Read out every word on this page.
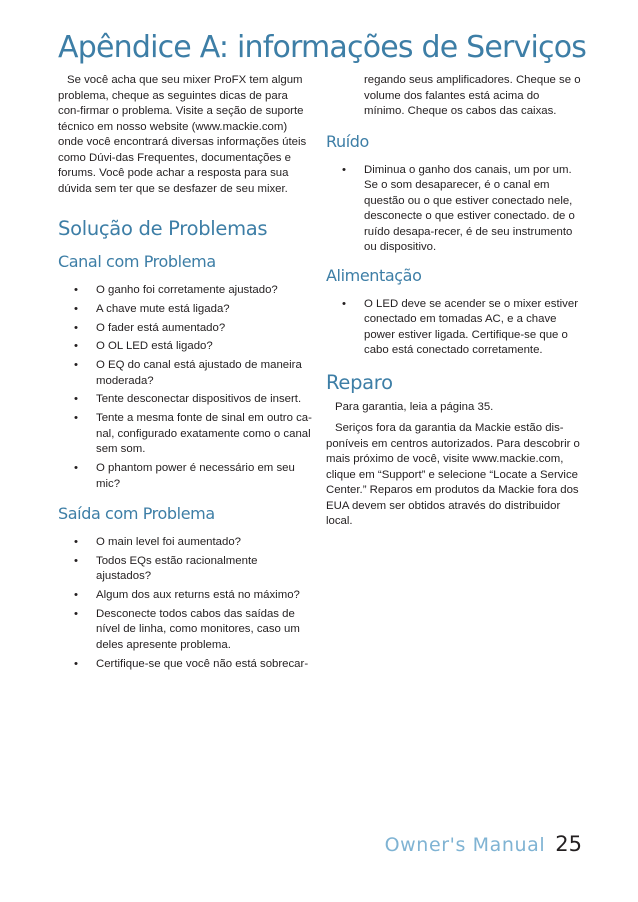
Apêndice A: informações de Serviços

Se você acha que seu mixer ProFX tem algum problema, cheque as seguintes dicas de para con-firmar o problema. Visite a seção de suporte técnico em nosso website (www.mackie.com) onde você encontrará diversas informações úteis como Dúvi-das Frequentes, documentações e forums. Você pode achar a resposta para sua dúvida sem ter que se desfazer de seu mixer.

Solução de Problemas
Canal com Problema
• O ganho foi corretamente ajustado?
• A chave mute está ligada?
• O fader está aumentado?
• O OL LED está ligado?
• O EQ do canal está ajustado de maneira moderada?
• Tente desconectar dispositivos de insert.
• Tente a mesma fonte de sinal em outro ca-nal, configurado exatamente como o canal sem som.
• O phantom power é necessário em seu mic?
Saída com Problema
• O main level foi aumentado?
• Todos EQs estão racionalmente ajustados?
• Algum dos aux returns está no máximo?
• Desconecte todos cabos das saídas de nível de linha, como monitores, caso um deles apresente problema.
• Certifique-se que você não está sobrecar-

regando seus amplificadores. Cheque se o volume dos falantes está acima do mínimo. Cheque os cabos das caixas.

Ruído
• Diminua o ganho dos canais, um por um. Se o som desaparecer, é o canal em questão ou o que estiver conectado nele, desconecte o que estiver conectado. de o ruído desapa-recer, é de seu instrumento ou dispositivo.
Alimentação
• O LED deve se acender se o mixer estiver conectado em tomadas AC, e a chave power estiver ligada. Certifique-se que o cabo está conectado corretamente.
Reparo

Para garantia, leia a página 35.

Seriços fora da garantia da Mackie estão dis-poníveis em centros autorizados. Para descobrir o mais próximo de você, visite www.mackie.com, clique em “Support” e selecione “Locate a Service Center.” Reparos em produtos da Mackie fora dos EUA devem ser obtidos através do distribuidor local.

Owner's Manual 25
